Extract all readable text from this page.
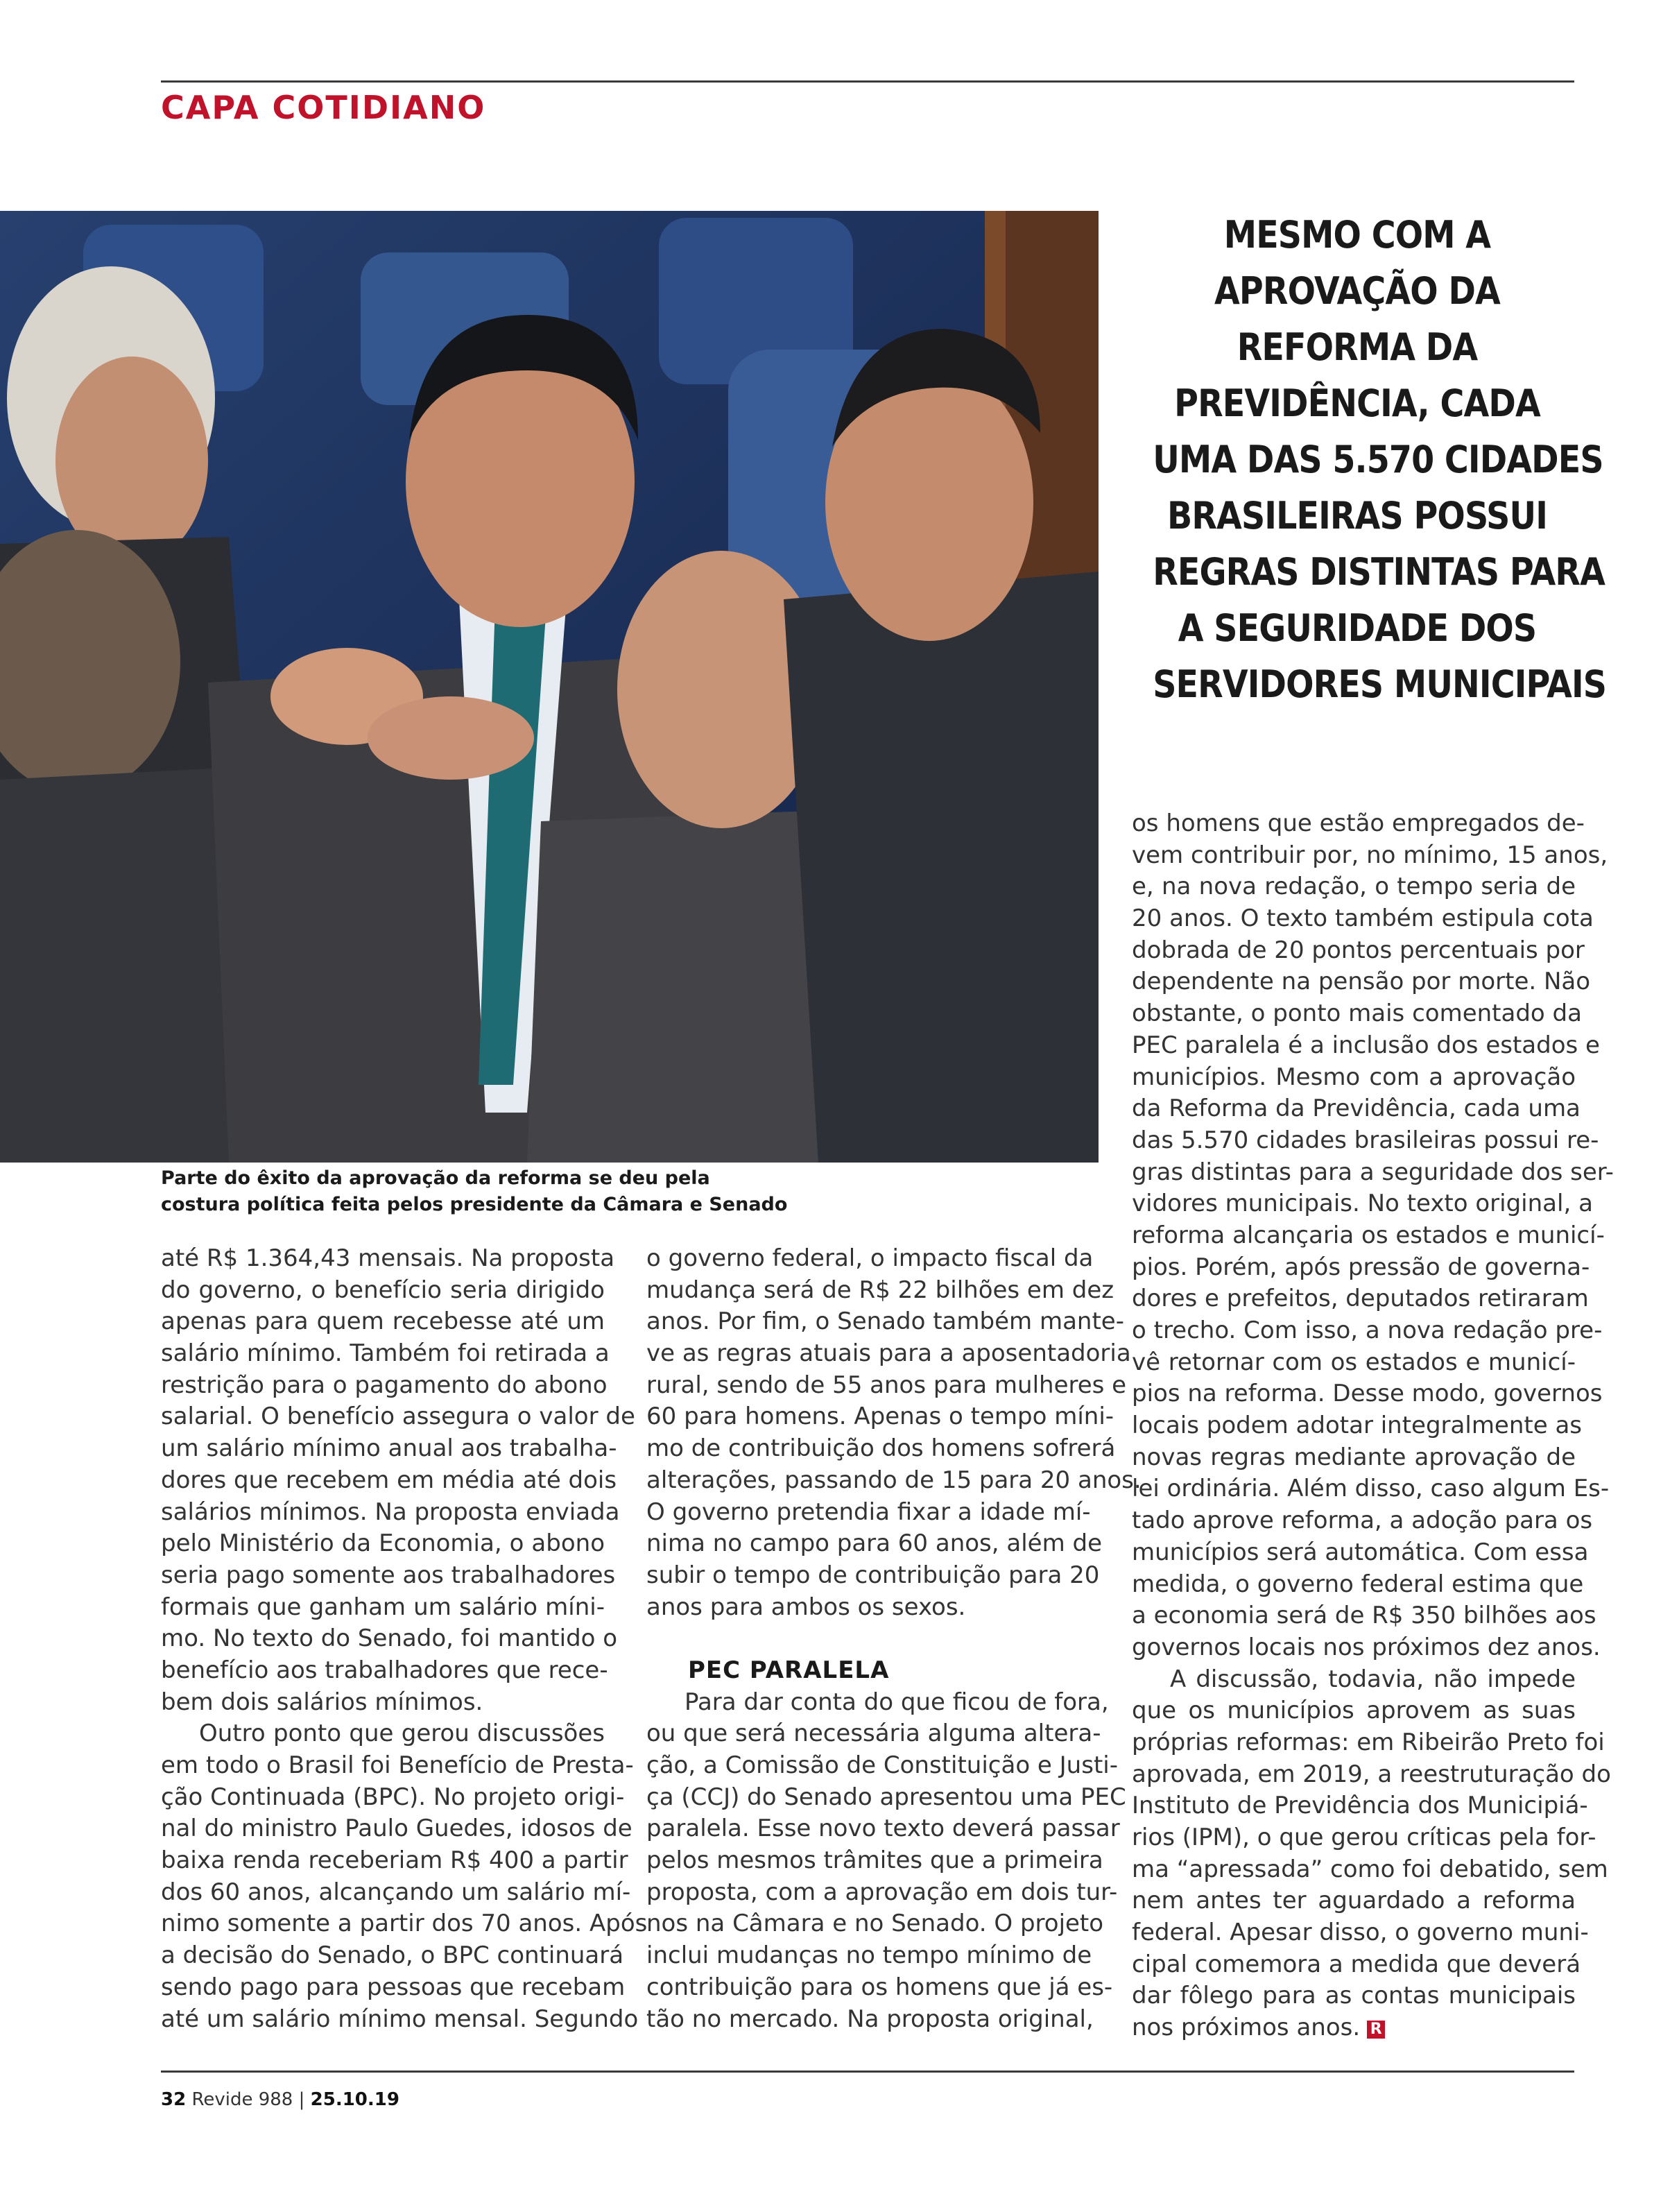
CAPA COTIDIANO
Parte do êxito da aprovação da reforma se deu pela
costura política feita pelos presidente da Câmara e Senado
MESMO COM A
APROVAÇÃO DA
REFORMA DA
PREVIDÊNCIA, CADA
UMA DAS 5.570 CIDADES
BRASILEIRAS POSSUI
REGRAS DISTINTAS PARA
A SEGURIDADE DOS
SERVIDORES MUNICIPAIS
até R$ 1.364,43 mensais. Na proposta
do governo, o benefício seria dirigido
apenas para quem recebesse até um
salário mínimo. Também foi retirada a
restrição para o pagamento do abono
salarial. O benefício assegura o valor de
um salário mínimo anual aos trabalha-
dores que recebem em média até dois
salários mínimos. Na proposta enviada
pelo Ministério da Economia, o abono
seria pago somente aos trabalhadores
formais que ganham um salário míni-
mo. No texto do Senado, foi mantido o
benefício aos trabalhadores que rece-
bem dois salários mínimos.
Outro ponto que gerou discussões
em todo o Brasil foi Benefício de Presta-
ção Continuada (BPC). No projeto origi-
nal do ministro Paulo Guedes, idosos de
baixa renda receberiam R$ 400 a partir
dos 60 anos, alcançando um salário mí-
nimo somente a partir dos 70 anos. Após
a decisão do Senado, o BPC continuará
sendo pago para pessoas que recebam
até um salário mínimo mensal. Segundo
o governo federal, o impacto fiscal da
mudança será de R$ 22 bilhões em dez
anos. Por fim, o Senado também mante-
ve as regras atuais para a aposentadoria
rural, sendo de 55 anos para mulheres e
60 para homens. Apenas o tempo míni-
mo de contribuição dos homens sofrerá
alterações, passando de 15 para 20 anos.
O governo pretendia fixar a idade mí-
nima no campo para 60 anos, além de
subir o tempo de contribuição para 20
anos para ambos os sexos.
PEC PARALELA
Para dar conta do que ficou de fora,
ou que será necessária alguma altera-
ção, a Comissão de Constituição e Justi-
ça (CCJ) do Senado apresentou uma PEC
paralela. Esse novo texto deverá passar
pelos mesmos trâmites que a primeira
proposta, com a aprovação em dois tur-
nos na Câmara e no Senado. O projeto
inclui mudanças no tempo mínimo de
contribuição para os homens que já es-
tão no mercado. Na proposta original,
os homens que estão empregados de-
vem contribuir por, no mínimo, 15 anos,
e, na nova redação, o tempo seria de
20 anos. O texto também estipula cota
dobrada de 20 pontos percentuais por
dependente na pensão por morte. Não
obstante, o ponto mais comentado da
PEC paralela é a inclusão dos estados e
municípios. Mesmo com a aprovação
da Reforma da Previdência, cada uma
das 5.570 cidades brasileiras possui re-
gras distintas para a seguridade dos ser-
vidores municipais. No texto original, a
reforma alcançaria os estados e municí-
pios. Porém, após pressão de governa-
dores e prefeitos, deputados retiraram
o trecho. Com isso, a nova redação pre-
vê retornar com os estados e municí-
pios na reforma. Desse modo, governos
locais podem adotar integralmente as
novas regras mediante aprovação de
lei ordinária. Além disso, caso algum Es-
tado aprove reforma, a adoção para os
municípios será automática. Com essa
medida, o governo federal estima que
a economia será de R$ 350 bilhões aos
governos locais nos próximos dez anos.
A discussão, todavia, não impede
que os municípios aprovem as suas
próprias reformas: em Ribeirão Preto foi
aprovada, em 2019, a reestruturação do
Instituto de Previdência dos Municipiá-
rios (IPM), o que gerou críticas pela for-
ma “apressada” como foi debatido, sem
nem antes ter aguardado a reforma
federal. Apesar disso, o governo muni-
cipal comemora a medida que deverá
dar fôlego para as contas municipais
nos próximos anos. R
32 Revide 988 | 25.10.19
